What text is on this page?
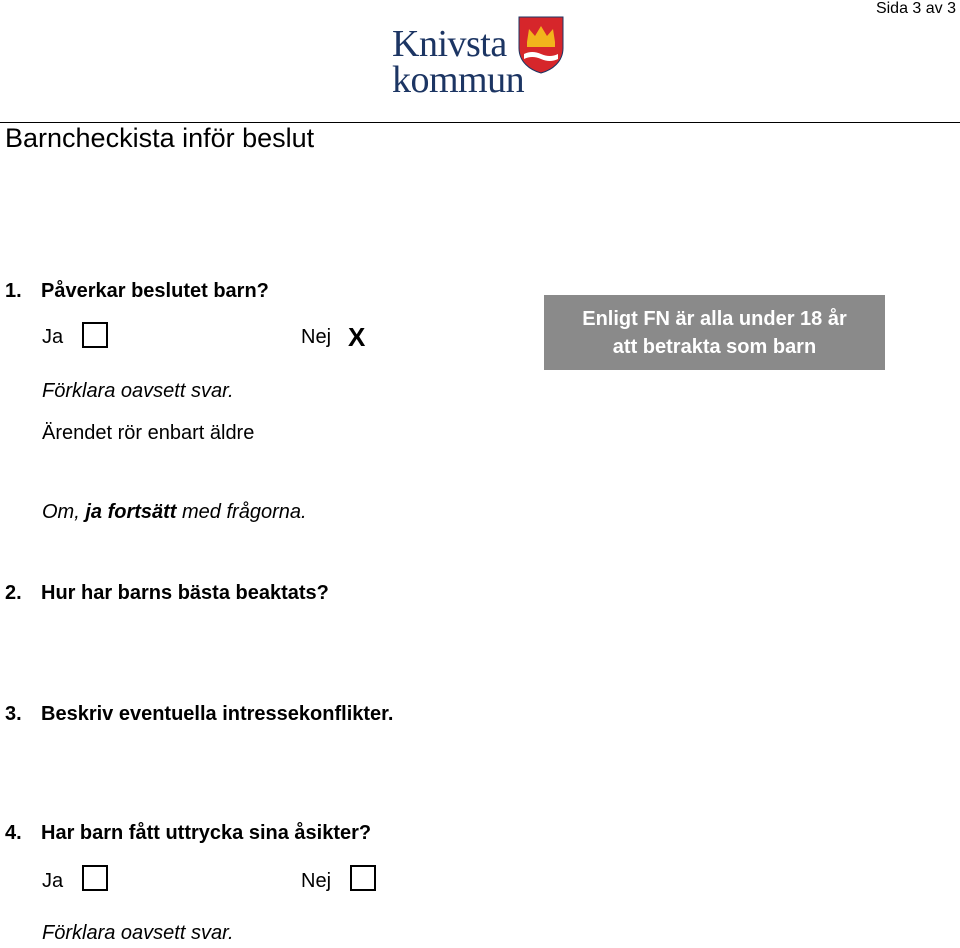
Sida 3 av 3
Knivsta
kommun
Barncheckista inför beslut
1. Påverkar beslutet barn?
Ja	Nej X
Enligt FN är alla under 18 år
att betrakta som barn
Förklara oavsett svar.
Ärendet rör enbart äldre
Om, ja fortsätt med frågorna.
2. Hur har barns bästa beaktats?
3. Beskriv eventuella intressekonflikter.
4. Har barn fått uttrycka sina åsikter?
Ja	Nej
Förklara oavsett svar.
